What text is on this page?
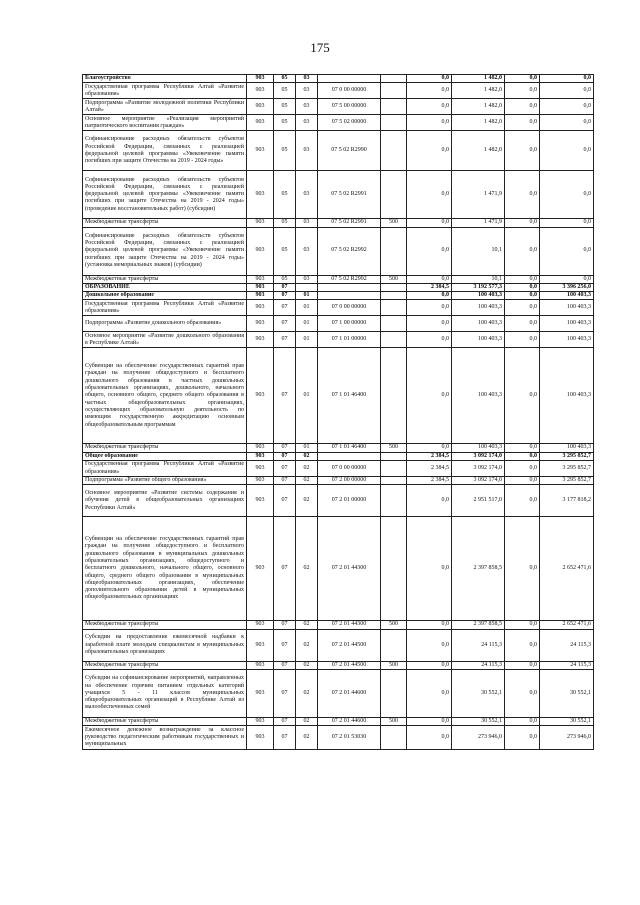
175
Благоустройство	903	05	03			0,0	1 482,0	0,0	0,0
Государственная программа Республики Алтай «Развитие образования»	903	05	03	07 0 00 00000		0,0	1 482,0	0,0	0,0
Подпрограмма «Развитие молодежной политики Республики Алтай»	903	05	03	07 5 00 00000		0,0	1 482,0	0,0	0,0
Основное мероприятие «Реализация мероприятий патриотического воспитания граждан»	903	05	03	07 5 02 00000		0,0	1 482,0	0,0	0,0
Софинансирование расходных обязательств субъектов Российской Федерации, связанных с реализацией федеральной целевой программы «Увековечение памяти погибших при защите Отечества на 2019 - 2024 годы»	903	05	03	07 5 02 R2990		0,0	1 482,0	0,0	0,0
Софинансирование расходных обязательств субъектов Российской Федерации, связанных с реализацией федеральной целевой программы «Увековечение памяти погибших при защите Отечества на 2019 - 2024 годы» (проведение восстановительных работ) (субсидии)	903	05	03	07 5 02 R2991		0,0	1 471,9	0,0	0,0
Межбюджетные трансферты	903	05	03	07 5 02 R2991	500	0,0	1 471,9	0,0	0,0
Софинансирование расходных обязательств субъектов Российской Федерации, связанных с реализацией федеральной целевой программы «Увековечение памяти погибших при защите Отечества на 2019 - 2024 годы» (установка мемориальных знаков) (субсидии)	903	05	03	07 5 02 R2992		0,0	10,1	0,0	0,0
Межбюджетные трансферты	903	05	03	07 5 02 R2992	500	0,0	10,1	0,0	0,0
ОБРАЗОВАНИЕ	903	07				2 384,5	3 192 577,3	0,0	3 396 256,0
Дошкольное образование	903	07	01			0,0	100 403,3	0,0	100 403,3
Государственная программа Республики Алтай «Развитие образования»	903	07	01	07 0 00 00000		0,0	100 403,3	0,0	100 403,3
Подпрограмма «Развитие дошкольного образования»	903	07	01	07 1 00 00000		0,0	100 403,3	0,0	100 403,3
Основное мероприятие «Развитие дошкольного образования в Республике Алтай»	903	07	01	07 1 01 00000		0,0	100 403,3	0,0	100 403,3
Субвенции на обеспечение государственных гарантий прав граждан на получение общедоступного и бесплатного дошкольного образования в частных дошкольных образовательных организациях, дошкольного, начального общего, основного общего, среднего общего образования в частных общеобразовательных организациях, осуществляющих образовательную деятельность по имеющим государственную аккредитацию основным общеобразовательным программам	903	07	01	07 1 01 46400		0,0	100 403,3	0,0	100 403,3
Межбюджетные трансферты	903	07	01	07 1 01 46400	500	0,0	100 403,3	0,0	100 403,3
Общее образование	903	07	02			2 384,5	3 092 174,0	0,0	3 295 852,7
Государственная программа Республики Алтай «Развитие образования»	903	07	02	07 0 00 00000		2 384,5	3 092 174,0	0,0	3 295 852,7
Подпрограмма «Развитие общего образования»	903	07	02	07 2 00 00000		2 384,5	3 092 174,0	0,0	3 295 852,7
Основное мероприятие «Развитие системы содержания и обучения детей в общеобразовательных организациях Республики Алтай»	903	07	02	07 2 01 00000		0,0	2 951 517,0	0,0	3 177 818,2
Субвенции на обеспечение государственных гарантий прав граждан на получение общедоступного и бесплатного дошкольного образования в муниципальных дошкольных образовательных организациях, общедоступного и бесплатного дошкольного, начального общего, основного общего, среднего общего образования в муниципальных общеобразовательных организациях, обеспечение дополнительного образования детей в муниципальных общеобразовательных организациях	903	07	02	07 2 01 44300		0,0	2 397 858,5	0,0	2 652 471,6
Межбюджетные трансферты	903	07	02	07 2 01 44300	500	0,0	2 397 858,5	0,0	2 652 471,6
Субсидии на предоставление ежемесячной надбавки к заработной плате молодым специалистам в муниципальных образовательных организациях	903	07	02	07 2 01 44500		0,0	24 115,3	0,0	24 115,3
Межбюджетные трансферты	903	07	02	07 2 01 44500	500	0,0	24 115,3	0,0	24 115,3
Субсидии на софинансирование мероприятий, направленных на обеспечение горячим питанием отдельных категорий учащихся 5 - 11 классов муниципальных общеобразовательных организаций в Республике Алтай из малообеспеченных семей	903	07	02	07 2 01 44600		0,0	30 552,1	0,0	30 552,1
Межбюджетные трансферты	903	07	02	07 2 01 44600	500	0,0	30 552,1	0,0	30 552,1
Ежемесячное денежное вознаграждение за классное руководство педагогическим работникам государственных и муниципальных	903	07	02	07 2 01 53030		0,0	273 946,0	0,0	273 946,0
